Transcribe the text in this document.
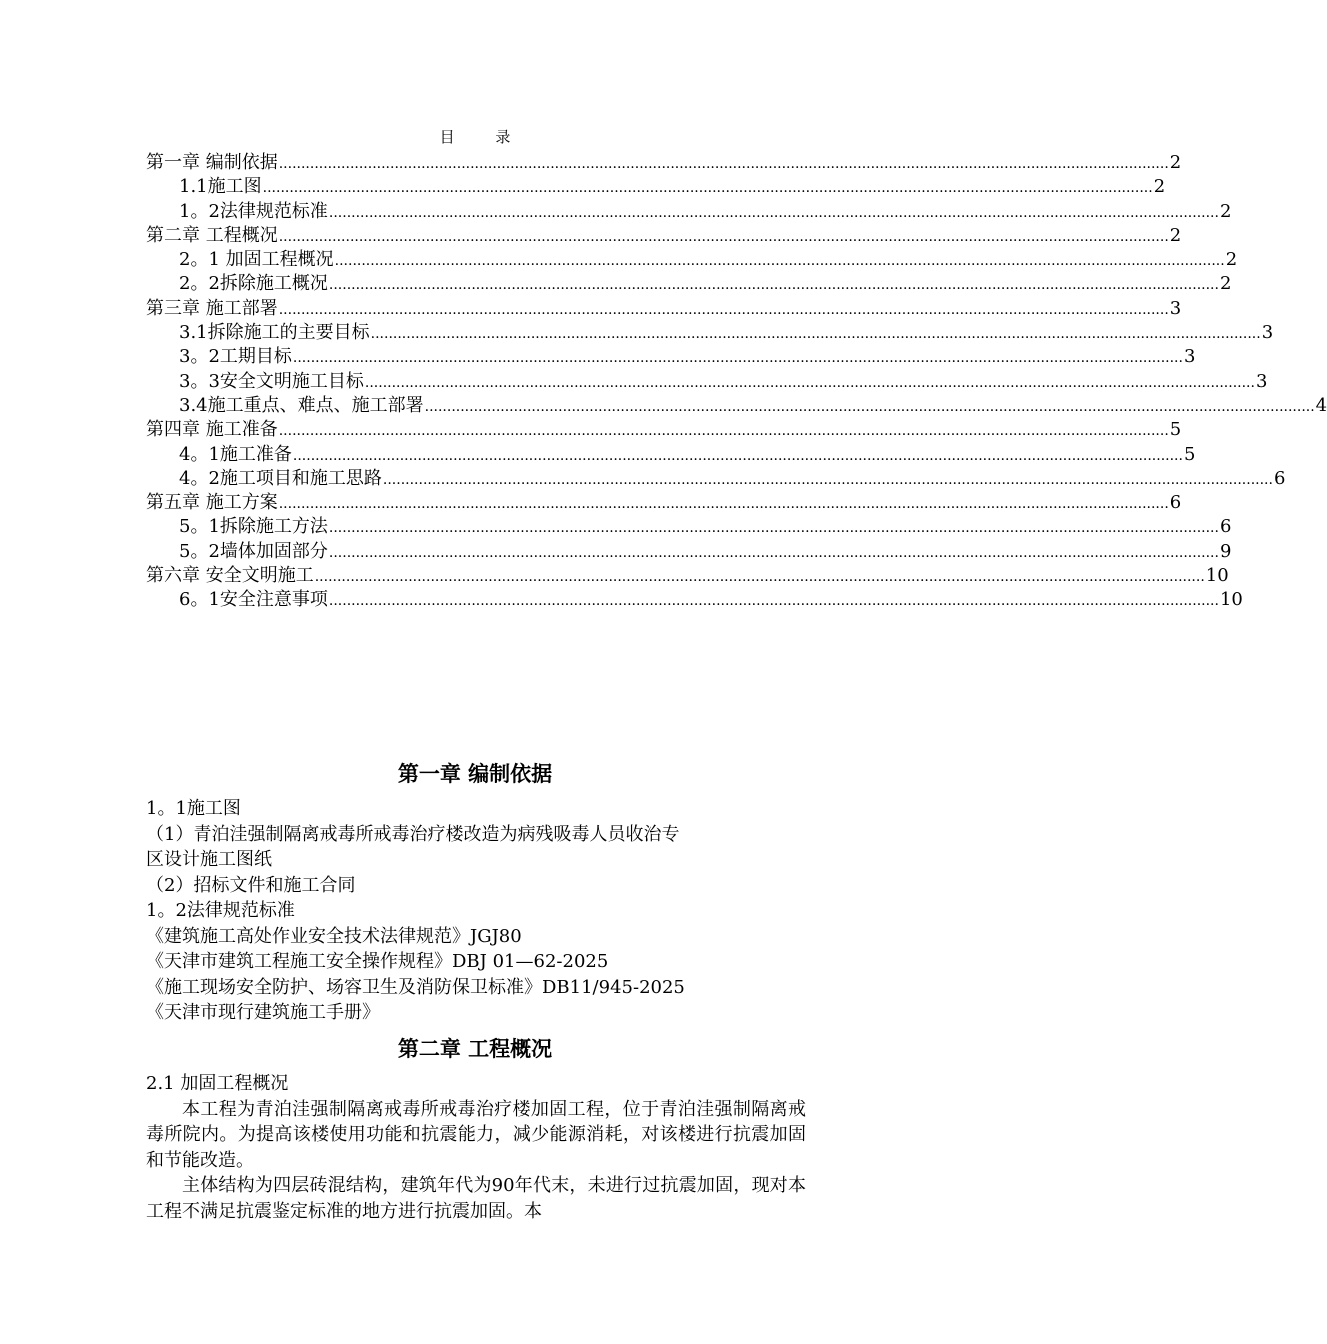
目 录
第一章 编制依据 ........................................................................................................................................................................................................ 2
1.1施工图 ........................................................................................................................................................................................................ 2
1。2法律规范标准 ........................................................................................................................................................................................................ 2
第二章 工程概况 ........................................................................................................................................................................................................ 2
2。1 加固工程概况 ........................................................................................................................................................................................................ 2
2。2拆除施工概况 ........................................................................................................................................................................................................ 2
第三章 施工部署 ........................................................................................................................................................................................................ 3
3.1拆除施工的主要目标 ........................................................................................................................................................................................................ 3
3。2工期目标 ........................................................................................................................................................................................................ 3
3。3安全文明施工目标 ........................................................................................................................................................................................................ 3
3.4施工重点、难点、施工部署 ........................................................................................................................................................................................................ 4
第四章 施工准备 ........................................................................................................................................................................................................ 5
4。1施工准备 ........................................................................................................................................................................................................ 5
4。2施工项目和施工思路 ........................................................................................................................................................................................................ 6
第五章 施工方案 ........................................................................................................................................................................................................ 6
5。1拆除施工方法 ........................................................................................................................................................................................................ 6
5。2墙体加固部分 ........................................................................................................................................................................................................ 9
第六章 安全文明施工 ........................................................................................................................................................................................................ 10
6。1安全注意事项 ........................................................................................................................................................................................................ 10
第一章 编制依据
1。1施工图
（1）青泊洼强制隔离戒毒所戒毒治疗楼改造为病残吸毒人员收治专
区设计施工图纸
（2）招标文件和施工合同
1。2法律规范标准
《建筑施工高处作业安全技术法律规范》JGJ80
《天津市建筑工程施工安全操作规程》DBJ 01—62-2025
《施工现场安全防护、场容卫生及消防保卫标准》DB11/945-2025
《天津市现行建筑施工手册》
第二章 工程概况
2.1 加固工程概况

本工程为青泊洼强制隔离戒毒所戒毒治疗楼加固工程，位于青泊洼强制隔离戒毒所院内。为提高该楼使用功能和抗震能力，减少能源消耗，对该楼进行抗震加固和节能改造。

主体结构为四层砖混结构，建筑年代为90年代末，未进行过抗震加固，现对本工程不满足抗震鉴定标准的地方进行抗震加固。本
